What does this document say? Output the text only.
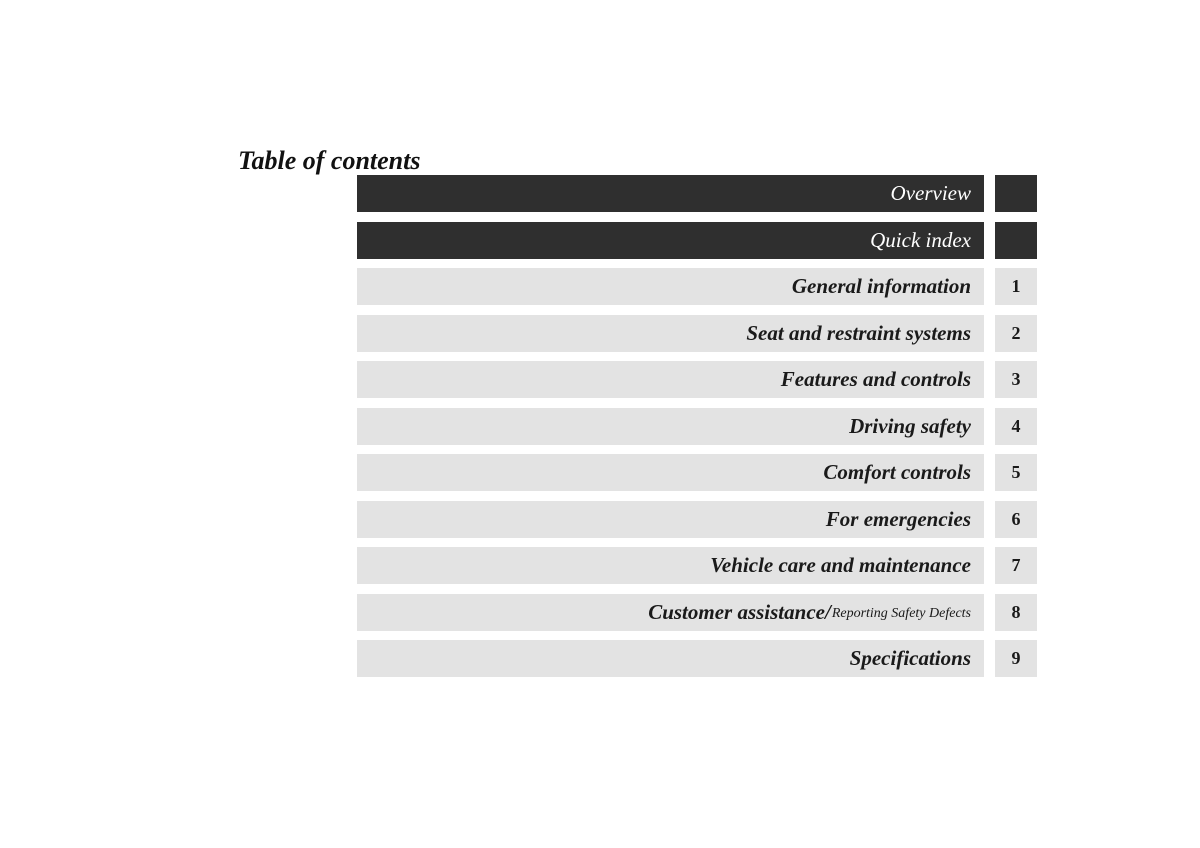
Table of contents
Overview
Quick index
General information	1
Seat and restraint systems	2
Features and controls	3
Driving safety	4
Comfort controls	5
For emergencies	6
Vehicle care and maintenance	7
Customer assistance/ Reporting Safety Defects	8
Specifications	9
